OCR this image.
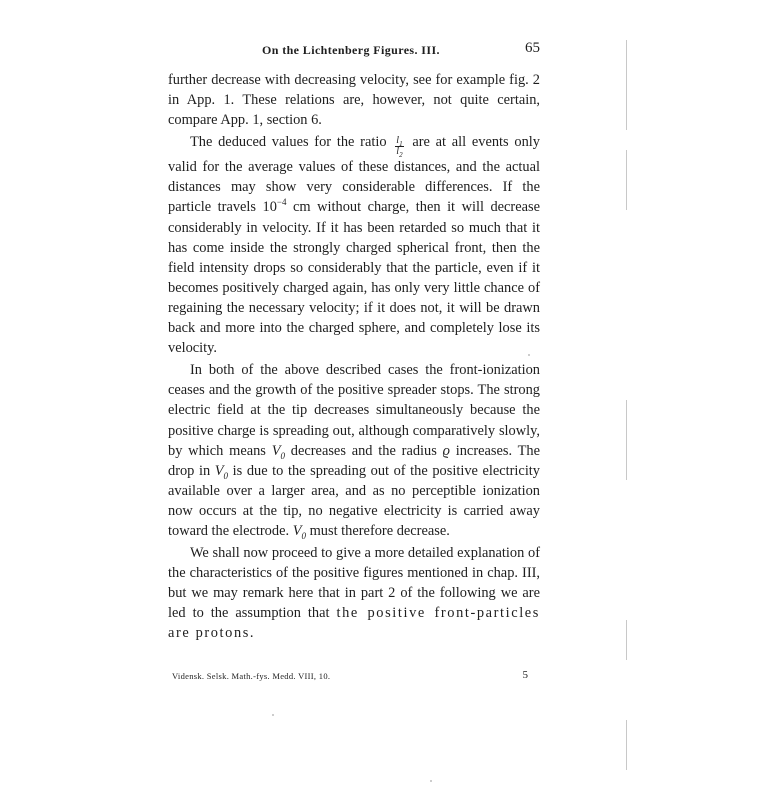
On the Lichtenberg Figures. III.	65

further decrease with decreasing velocity, see for example fig. 2 in App. 1. These relations are, however, not quite certain, compare App. 1, section 6.

The deduced values for the ratio $\frac{l_1}{l_2}$ are at all events only valid for the average values of these distances, and the actual distances may show very considerable differences. If the particle travels $10^{-4}$ cm without charge, then it will decrease considerably in velocity. If it has been retarded so much that it has come inside the strongly charged spherical front, then the field intensity drops so considerably that the particle, even if it becomes positively charged again, has only very little chance of regaining the necessary velocity; if it does not, it will be drawn back and more into the charged sphere, and completely lose its velocity.

In both of the above described cases the front-ionization ceases and the growth of the positive spreader stops. The strong electric field at the tip decreases simultaneously because the positive charge is spreading out, although comparatively slowly, by which means $V_0$ decreases and the radius ϱ increases. The drop in $V_0$ is due to the spreading out of the positive electricity available over a larger area, and as no perceptible ionization now occurs at the tip, no negative electricity is carried away toward the electrode. $V_0$ must therefore decrease.

We shall now proceed to give a more detailed explanation of the characteristics of the positive figures mentioned in chap. III, but we may remark here that in part 2 of the following we are led to the assumption that the positive front-particles are protons.

Vidensk. Selsk. Math.-fys. Medd. VIII, 10.	5
